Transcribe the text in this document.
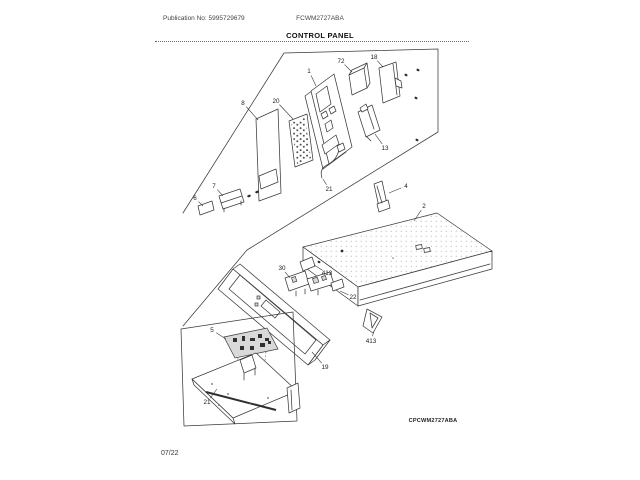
Publication No: 5995729679	FCWM2727ABA
CONTROL PANEL
CPCWM2727ABA
8	20
7
6
1
72
18
13
21	4
2
30
413
22
413
19
5
21
07/22
